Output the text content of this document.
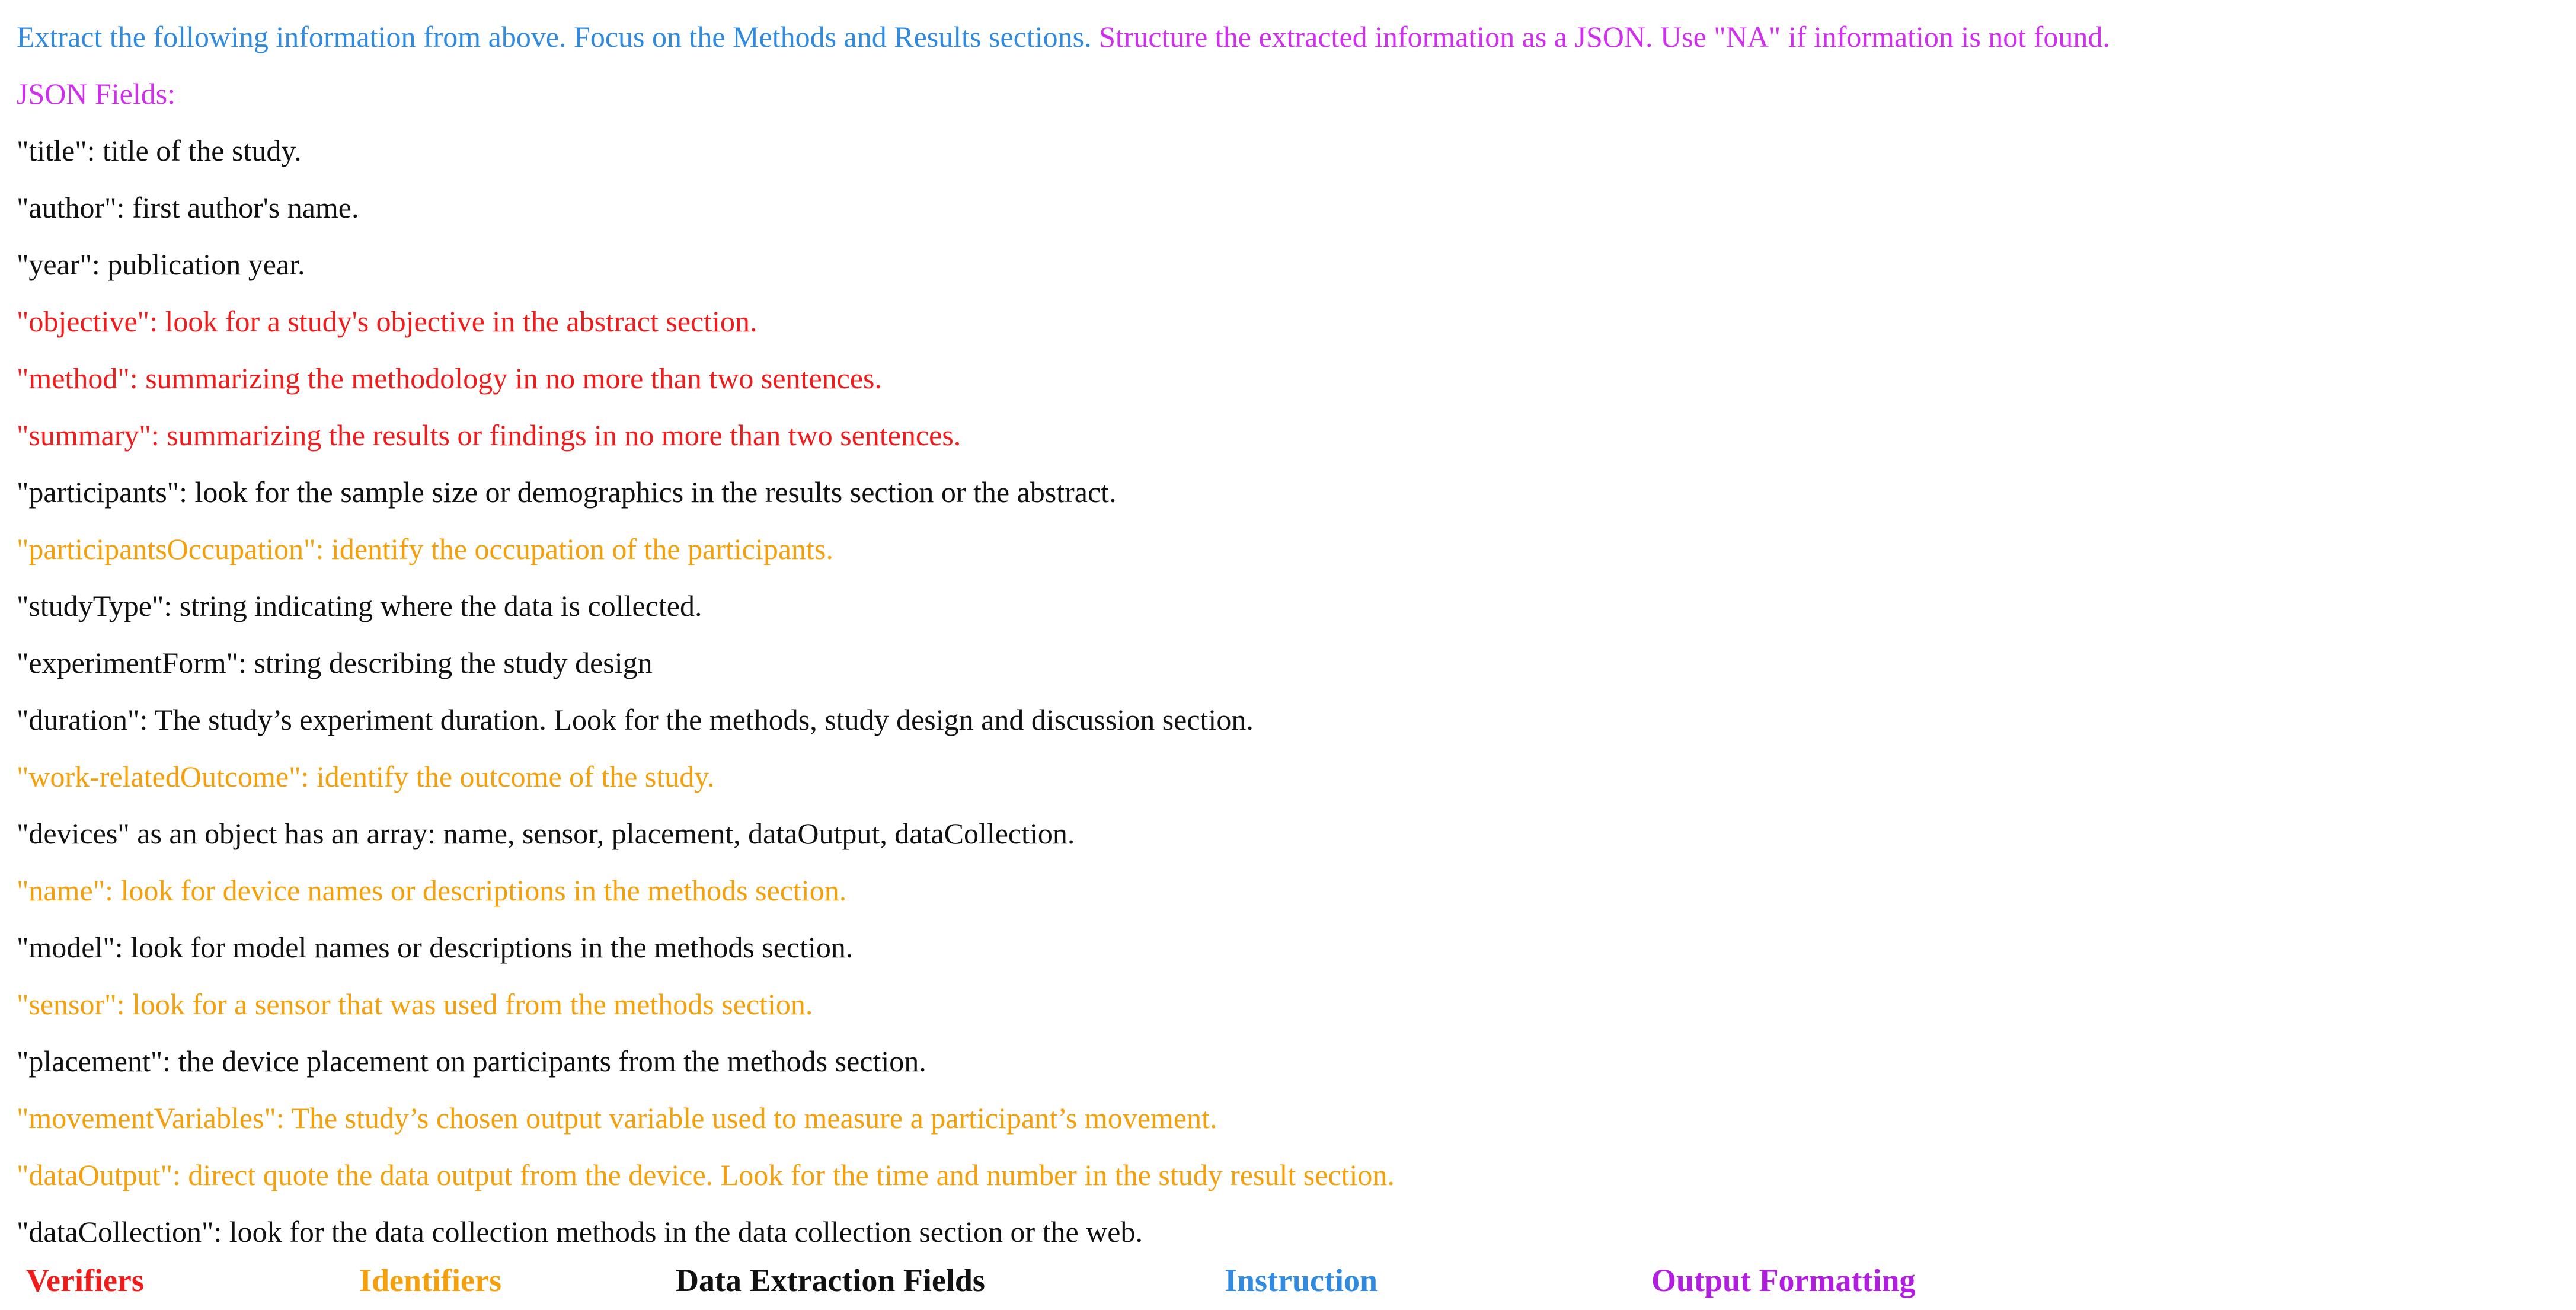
Extract the following information from above. Focus on the Methods and Results sections. Structure the extracted information as a JSON. Use "NA" if information is not found.
JSON Fields:
"title": title of the study.
"author": first author's name.
"year": publication year.
"objective": look for a study's objective in the abstract section.
"method": summarizing the methodology in no more than two sentences.
"summary": summarizing the results or findings in no more than two sentences.
"participants": look for the sample size or demographics in the results section or the abstract.
"participantsOccupation": identify the occupation of the participants.
"studyType": string indicating where the data is collected.
"experimentForm": string describing the study design
"duration": The study’s experiment duration. Look for the methods, study design and discussion section.
"work-relatedOutcome": identify the outcome of the study.
"devices" as an object has an array: name, sensor, placement, dataOutput, dataCollection.
"name": look for device names or descriptions in the methods section.
"model": look for model names or descriptions in the methods section.
"sensor": look for a sensor that was used from the methods section.
"placement": the device placement on participants from the methods section.
"movementVariables": The study’s chosen output variable used to measure a participant’s movement.
"dataOutput": direct quote the data output from the device. Look for the time and number in the study result section.
"dataCollection": look for the data collection methods in the data collection section or the web.
Verifiers	Identifiers	Data Extraction Fields	Instruction	Output Formatting
